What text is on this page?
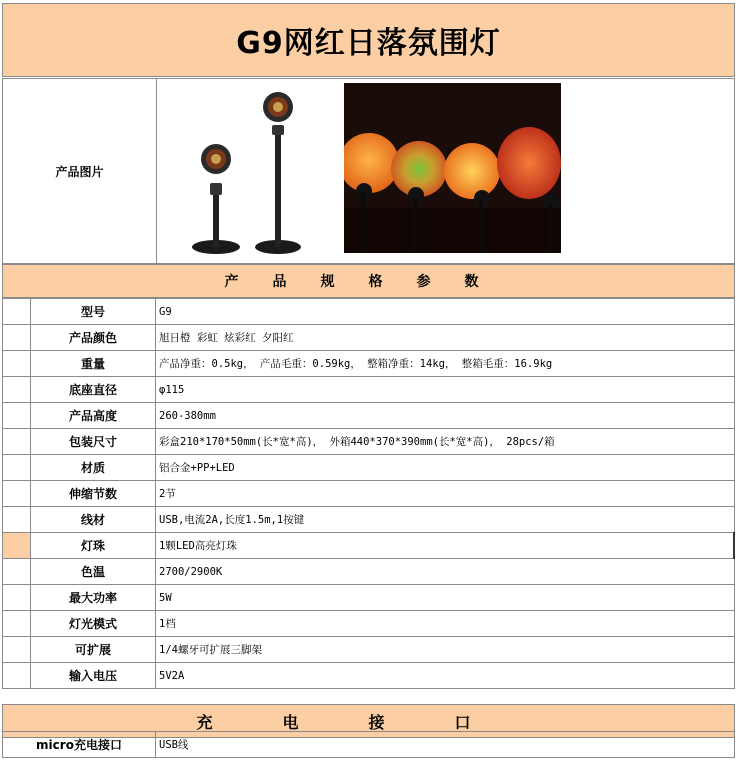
G9网红日落氛围灯
产品图片
产品规格参数
	型号	G9
	产品颜色	旭日橙 彩虹 炫彩红 夕阳红
	重量	产品净重：0.5kg， 产品毛重：0.59kg， 整箱净重：14kg， 整箱毛重：16.9kg
	底座直径	φ115
	产品高度	260-380mm
	包装尺寸	彩盒210*170*50mm(长*宽*高)， 外箱440*370*390mm(长*宽*高)， 28pcs/箱
	材质	铝合金+PP+LED
	伸缩节数	2节
	线材	USB,电流2A,长度1.5m,1按键
	灯珠	1颗LED高亮灯珠
	色温	2700/2900K
	最大功率	5W
	灯光模式	1档
	可扩展	1/4螺牙可扩展三脚架
	输入电压	5V2A
充电接口
micro充电接口	USB线
